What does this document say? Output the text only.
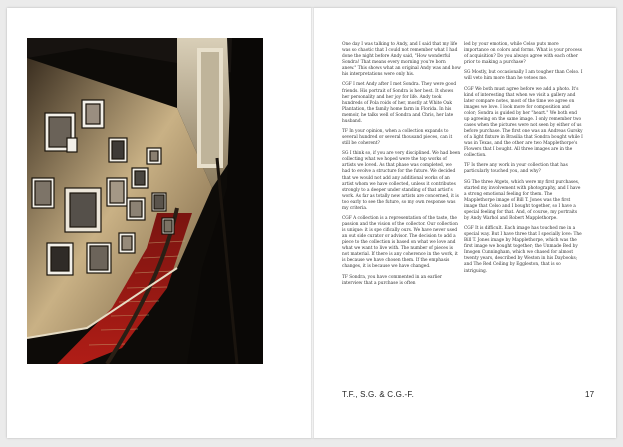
One day I was talking to Andy, and I said that my life was so chaotic that I could not remember what I had done the night before Andy said, "How wonderful Sondra! That means every morning you're born anew." This shows what an original Andy was and how his interpretations were only his.

CGF I met Andy after I met Sondra. They were good friends. His portrait of Sondra is her best. It shows her personality and her joy for life. Andy took hundreds of Pola roids of her, mostly at White Oak Plantation, the family home farm in Florida. In his memoir, he talks well of Sondra and Chris, her late husband.

TF In your opinion, when a collection expands to several hundred or several thousand pieces, can it still be coherent?

SG I think so, if you are very disciplined. We had been collecting what we hoped were the top works of artists we loved. As that phase was completed, we had to evolve a structure for the future. We decided that we would not add any additional works of an artist whom we have collected, unless it contributes strongly to a deeper under standing of that artist's work. As far as totally new artists are concerned, it is too early to see the future, so my own response was my criteria.

CGF A collection is a representation of the taste, the passion and the vision of the collector. Our collection is unique: it is spe cifically ours. We have never used an out side curator or advisor. The decision to add a piece to the collection is based on what we love and what we want to live with. The number of pieces is not material. If there is any coherence in the work, it is because we have chosen them. If the emphasis changes, it is because we have changed.

TF Sondra, you have commented in an earlier interview that a purchase is often

led by your emotion, while Celso puts more importance on colors and forms. What is your process of acquisition? Do you always agree with each other prior to making a purchase?

SG Mostly, but occasionally I am tougher than Celso. I will veto him more than he vetoes me.

CGF We both must agree before we add a photo. It's kind of interesting that when we visit a gallery and later compare notes, most of the time we agree on images we love. I look more for composition and color; Sondra is guided by her "heart." We both end up agreeing on the same image. I only remember two cases when the pictures were not seen by either of us before purchase. The first one was an Andreas Gursky of a light fixture in Brasilia that Sondra bought while I was in Texas, and the other are two Mapplethorpe's Flowers that I bought. All three images are in the collection.

TF Is there any work in your collection that has particularly touched you, and why?

SG The three Atgets, which were my first purchases, started my involvement with photography, and I have a strong emotional feeling for them. The Mapplethorpe image of Bill T. Jones was the first image that Celso and I bought together, so I have a special feeling for that. And, of course, my portraits by Andy Warhol and Robert Mapplethorpe.

CGF It is difficult. Each image has touched me in a special way. But I have three that I specially love: The Bill T. Jones image by Mapplethorpe, which was the first image we bought together; the Unmade Bed by Imogen Cunningham, which we chased for almost twenty years, described by Weston in his Daybooks; and The Red Ceiling by Eggleston, that is so intriguing.

T.F., S.G. & C.G.-F.	17
